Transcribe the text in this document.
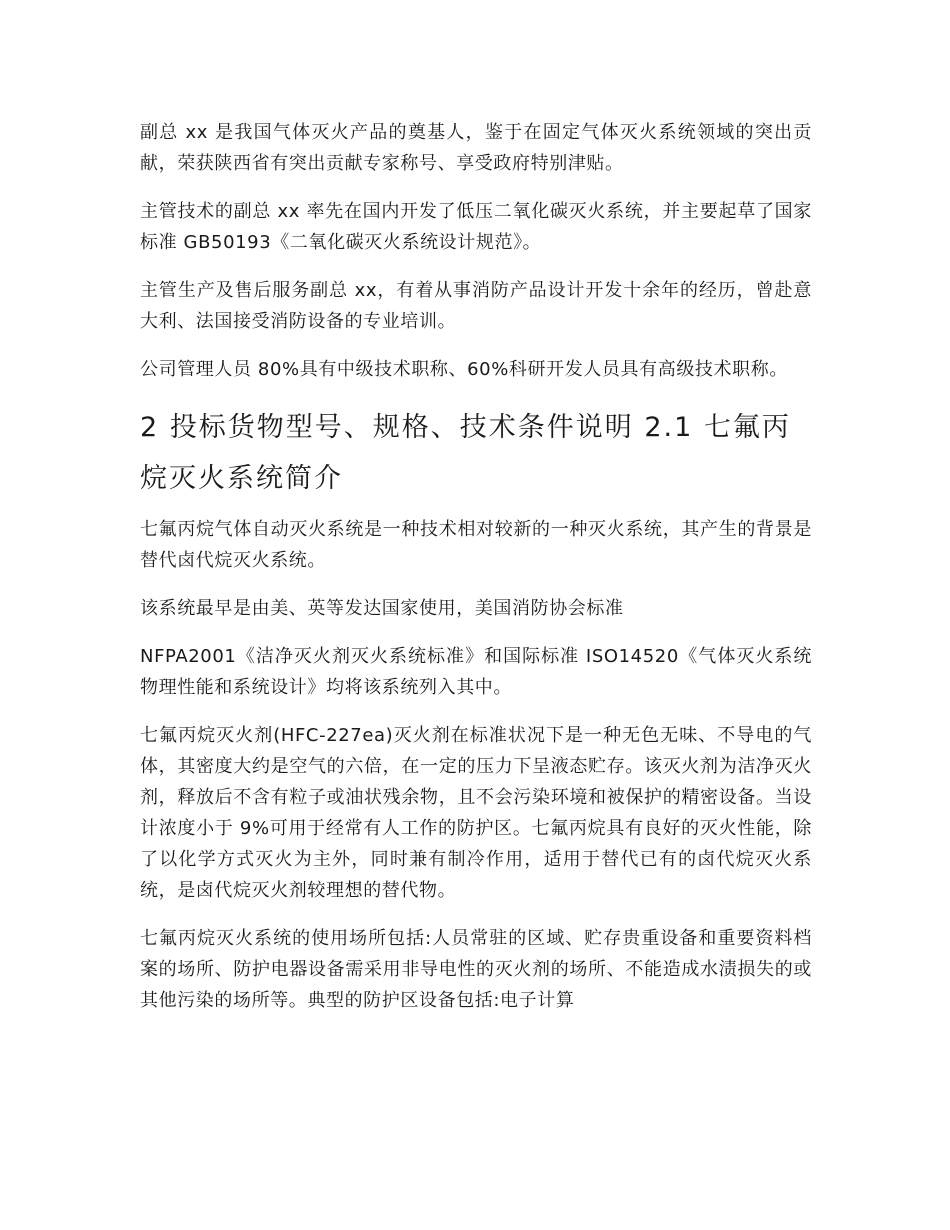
副总 xx 是我国气体灭火产品的奠基人，鉴于在固定气体灭火系统领域的突出贡献，荣获陕西省有突出贡献专家称号、享受政府特别津贴。

主管技术的副总 xx 率先在国内开发了低压二氧化碳灭火系统，并主要起草了国家标准 GB50193《二氧化碳灭火系统设计规范》。

主管生产及售后服务副总 xx，有着从事消防产品设计开发十余年的经历，曾赴意大利、法国接受消防设备的专业培训。

公司管理人员 80%具有中级技术职称、60%科研开发人员具有高级技术职称。

2 投标货物型号、规格、技术条件说明 2.1 七氟丙烷灭火系统简介

七氟丙烷气体自动灭火系统是一种技术相对较新的一种灭火系统，其产生的背景是替代卤代烷灭火系统。

该系统最早是由美、英等发达国家使用，美国消防协会标准

NFPA2001《洁净灭火剂灭火系统标准》和国际标准 ISO14520《气体灭火系统物理性能和系统设计》均将该系统列入其中。

七氟丙烷灭火剂(HFC-227ea)灭火剂在标准状况下是一种无色无味、不导电的气体，其密度大约是空气的六倍，在一定的压力下呈液态贮存。该灭火剂为洁净灭火剂，释放后不含有粒子或油状残余物，且不会污染环境和被保护的精密设备。当设计浓度小于 9%可用于经常有人工作的防护区。七氟丙烷具有良好的灭火性能，除了以化学方式灭火为主外，同时兼有制冷作用，适用于替代已有的卤代烷灭火系统，是卤代烷灭火剂较理想的替代物。

七氟丙烷灭火系统的使用场所包括:人员常驻的区域、贮存贵重设备和重要资料档案的场所、防护电器设备需采用非导电性的灭火剂的场所、不能造成水渍损失的或其他污染的场所等。典型的防护区设备包括:电子计算
